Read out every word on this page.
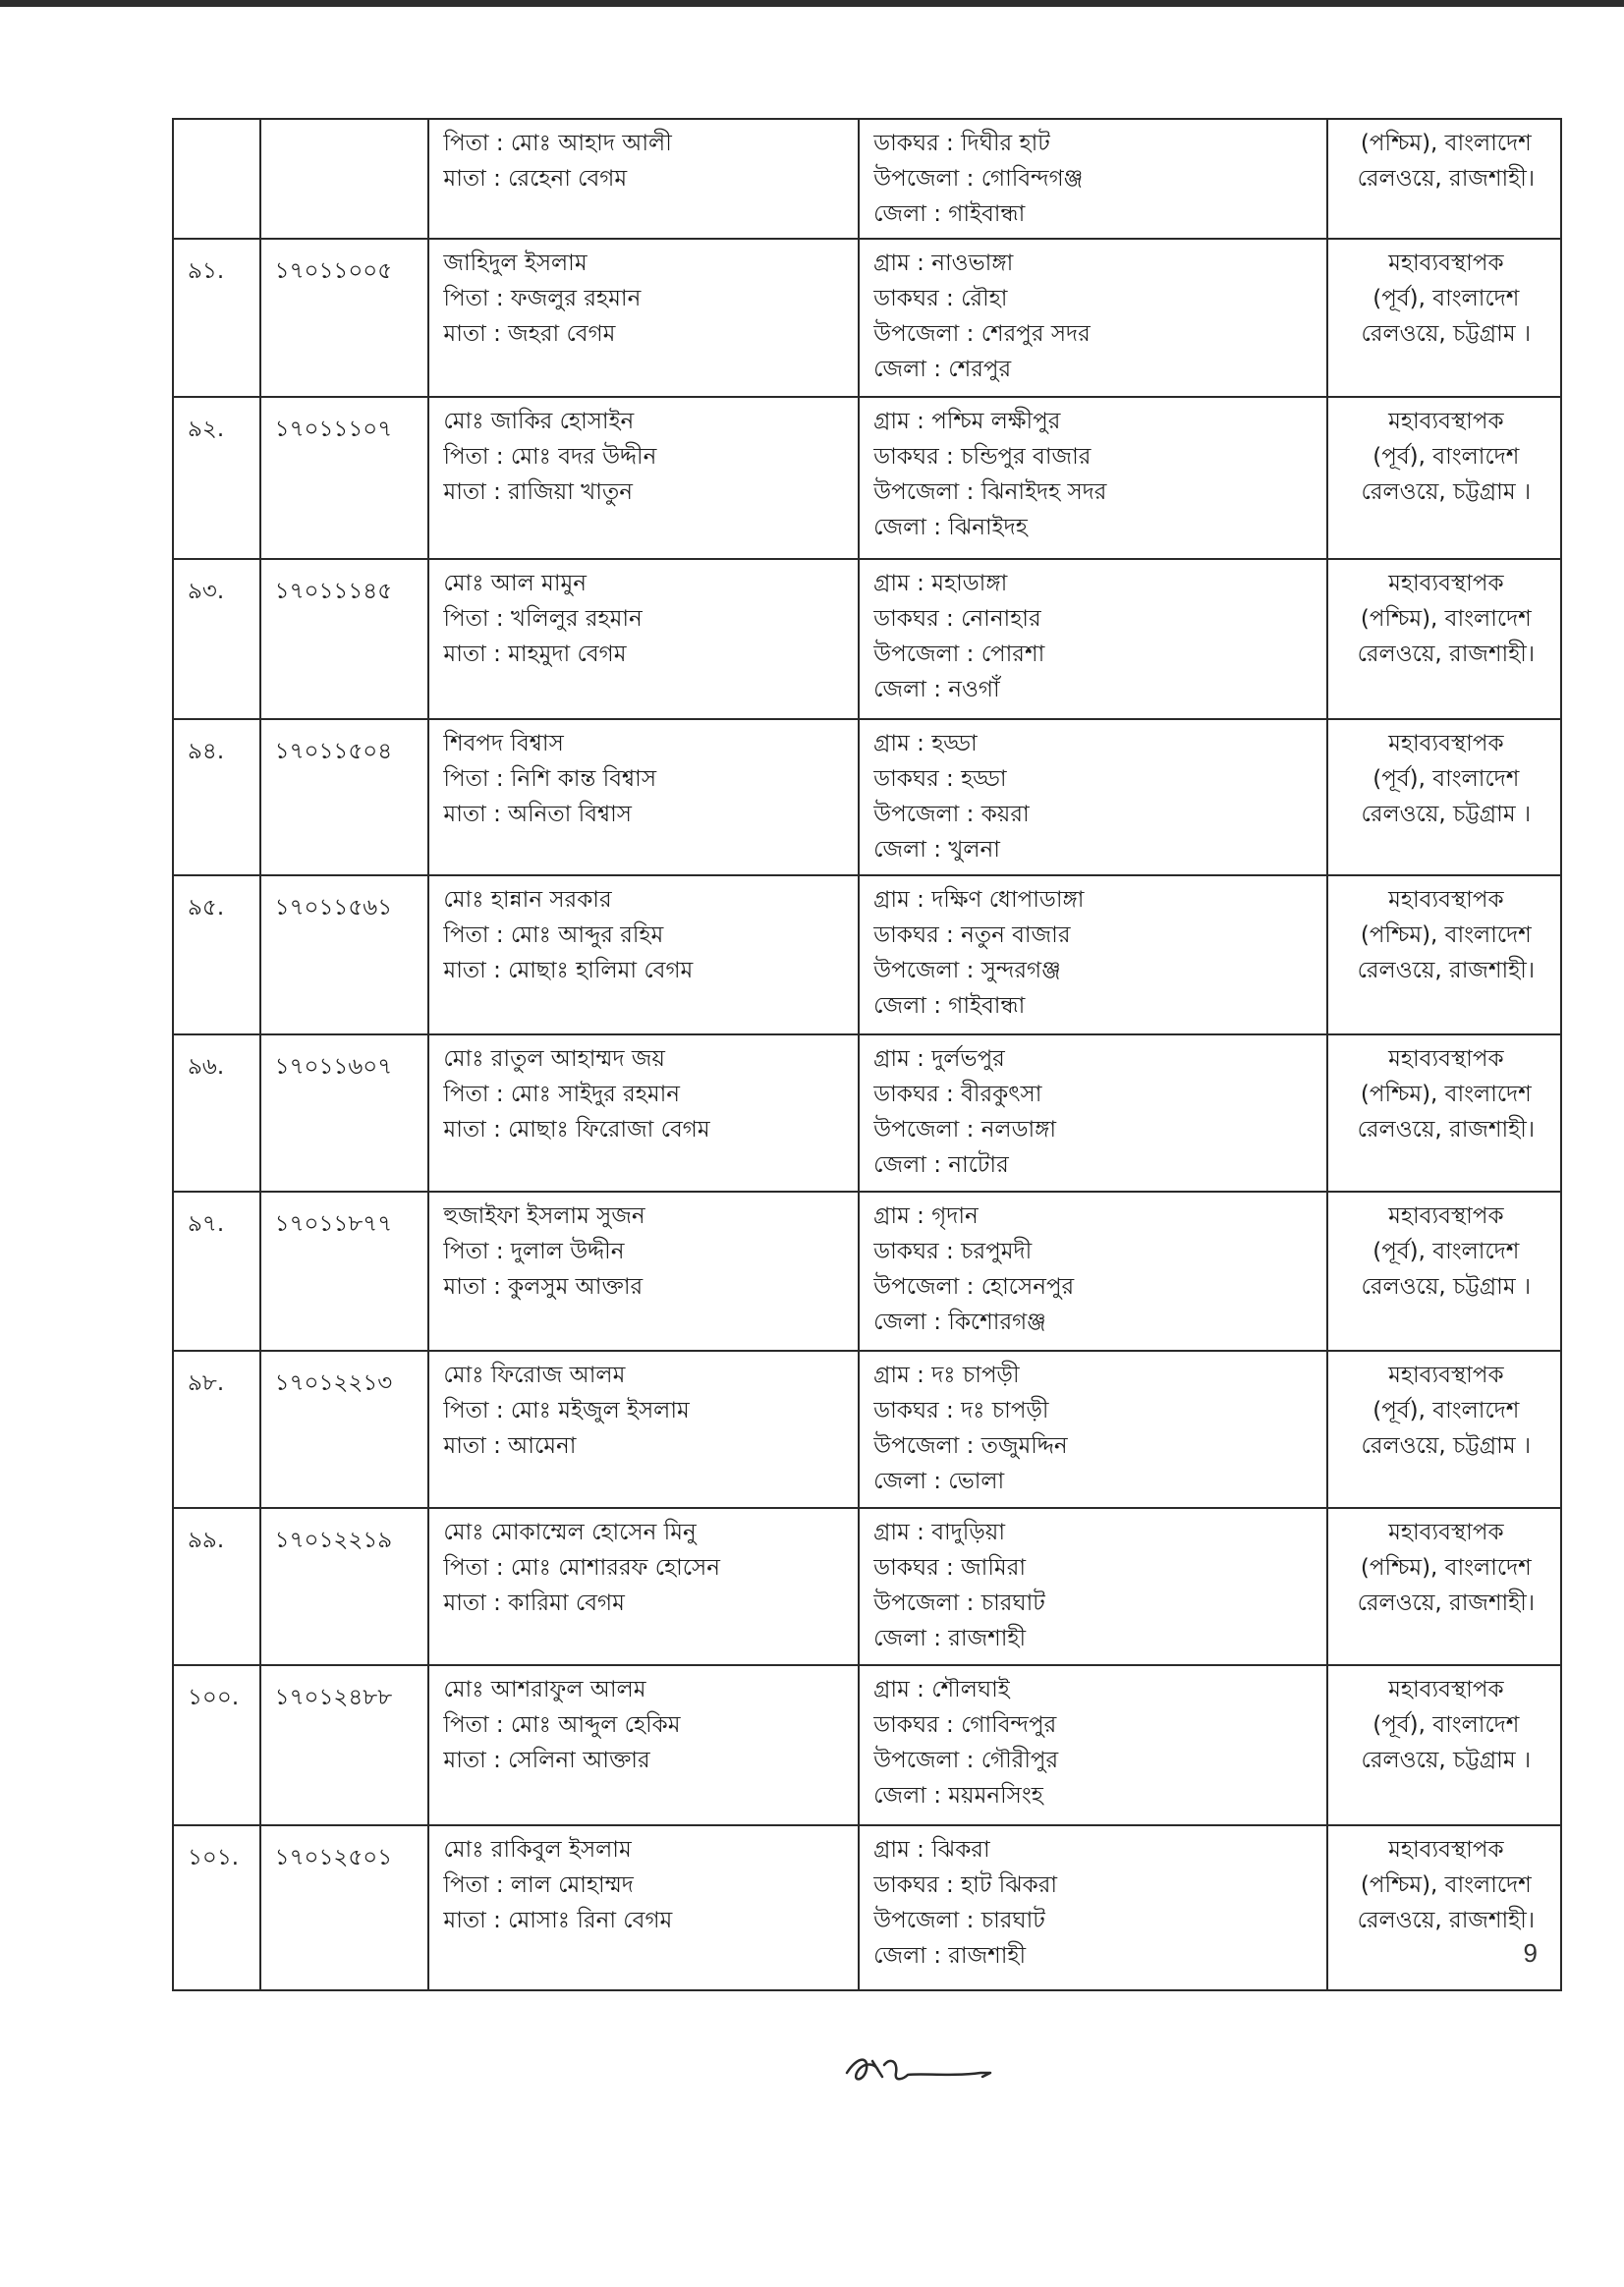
		পিতা : মোঃ আহাদ আলী
মাতা : রেহেনা বেগম	ডাকঘর : দিঘীর হাট
উপজেলা : গোবিন্দগঞ্জ
জেলা : গাইবান্ধা	(পশ্চিম), বাংলাদেশ
রেলওয়ে, রাজশাহী।

৯১.	১৭০১১০০৫	জাহিদুল ইসলাম
পিতা : ফজলুর রহমান
মাতা : জহরা বেগম	গ্রাম : নাওভাঙ্গা
ডাকঘর : রৌহা
উপজেলা : শেরপুর সদর
জেলা : শেরপুর	মহাব্যবস্থাপক
(পূর্ব), বাংলাদেশ
রেলওয়ে, চট্টগ্রাম ।

৯২.	১৭০১১১০৭	মোঃ জাকির হোসাইন
পিতা : মোঃ বদর উদ্দীন
মাতা : রাজিয়া খাতুন	গ্রাম : পশ্চিম লক্ষীপুর
ডাকঘর : চন্ডিপুর বাজার
উপজেলা : ঝিনাইদহ সদর
জেলা : ঝিনাইদহ	মহাব্যবস্থাপক
(পূর্ব), বাংলাদেশ
রেলওয়ে, চট্টগ্রাম ।

৯৩.	১৭০১১১৪৫	মোঃ আল মামুন
পিতা : খলিলুর রহমান
মাতা : মাহমুদা বেগম	গ্রাম : মহাডাঙ্গা
ডাকঘর : নোনাহার
উপজেলা : পোরশা
জেলা : নওগাঁ	মহাব্যবস্থাপক
(পশ্চিম), বাংলাদেশ
রেলওয়ে, রাজশাহী।

৯৪.	১৭০১১৫০৪	শিবপদ বিশ্বাস
পিতা : নিশি কান্ত বিশ্বাস
মাতা : অনিতা বিশ্বাস	গ্রাম : হড্ডা
ডাকঘর : হড্ডা
উপজেলা : কয়রা
জেলা : খুলনা	মহাব্যবস্থাপক
(পূর্ব), বাংলাদেশ
রেলওয়ে, চট্টগ্রাম ।

৯৫.	১৭০১১৫৬১	মোঃ হান্নান সরকার
পিতা : মোঃ আব্দুর রহিম
মাতা : মোছাঃ হালিমা বেগম	গ্রাম : দক্ষিণ ধোপাডাঙ্গা
ডাকঘর : নতুন বাজার
উপজেলা : সুন্দরগঞ্জ
জেলা : গাইবান্ধা	মহাব্যবস্থাপক
(পশ্চিম), বাংলাদেশ
রেলওয়ে, রাজশাহী।

৯৬.	১৭০১১৬০৭	মোঃ রাতুল আহাম্মদ জয়
পিতা : মোঃ সাইদুর রহমান
মাতা : মোছাঃ ফিরোজা বেগম	গ্রাম : দুর্লভপুর
ডাকঘর : বীরকুৎসা
উপজেলা : নলডাঙ্গা
জেলা : নাটোর	মহাব্যবস্থাপক
(পশ্চিম), বাংলাদেশ
রেলওয়ে, রাজশাহী।

৯৭.	১৭০১১৮৭৭	হুজাইফা ইসলাম সুজন
পিতা : দুলাল উদ্দীন
মাতা : কুলসুম আক্তার	গ্রাম : গৃদান
ডাকঘর : চরপুমদী
উপজেলা : হোসেনপুর
জেলা : কিশোরগঞ্জ	মহাব্যবস্থাপক
(পূর্ব), বাংলাদেশ
রেলওয়ে, চট্টগ্রাম ।

৯৮.	১৭০১২২১৩	মোঃ ফিরোজ আলম
পিতা : মোঃ মইজুল ইসলাম
মাতা : আমেনা	গ্রাম : দঃ চাপড়ী
ডাকঘর : দঃ চাপড়ী
উপজেলা : তজুমদ্দিন
জেলা : ভোলা	মহাব্যবস্থাপক
(পূর্ব), বাংলাদেশ
রেলওয়ে, চট্টগ্রাম ।

৯৯.	১৭০১২২১৯	মোঃ মোকাম্মেল হোসেন মিনু
পিতা : মোঃ মোশাররফ হোসেন
মাতা : কারিমা বেগম	গ্রাম : বাদুড়িয়া
ডাকঘর : জামিরা
উপজেলা : চারঘাট
জেলা : রাজশাহী	মহাব্যবস্থাপক
(পশ্চিম), বাংলাদেশ
রেলওয়ে, রাজশাহী।

১০০.	১৭০১২৪৮৮	মোঃ আশরাফুল আলম
পিতা : মোঃ আব্দুল হেকিম
মাতা : সেলিনা আক্তার	গ্রাম : শৌলঘাই
ডাকঘর : গোবিন্দপুর
উপজেলা : গৌরীপুর
জেলা : ময়মনসিংহ	মহাব্যবস্থাপক
(পূর্ব), বাংলাদেশ
রেলওয়ে, চট্টগ্রাম ।

১০১.	১৭০১২৫০১	মোঃ রাকিবুল ইসলাম
পিতা : লাল মোহাম্মদ
মাতা : মোসাঃ রিনা বেগম	গ্রাম : ঝিকরা
ডাকঘর : হাট ঝিকরা
উপজেলা : চারঘাট
জেলা : রাজশাহী	মহাব্যবস্থাপক
(পশ্চিম), বাংলাদেশ
রেলওয়ে, রাজশাহী।
9
